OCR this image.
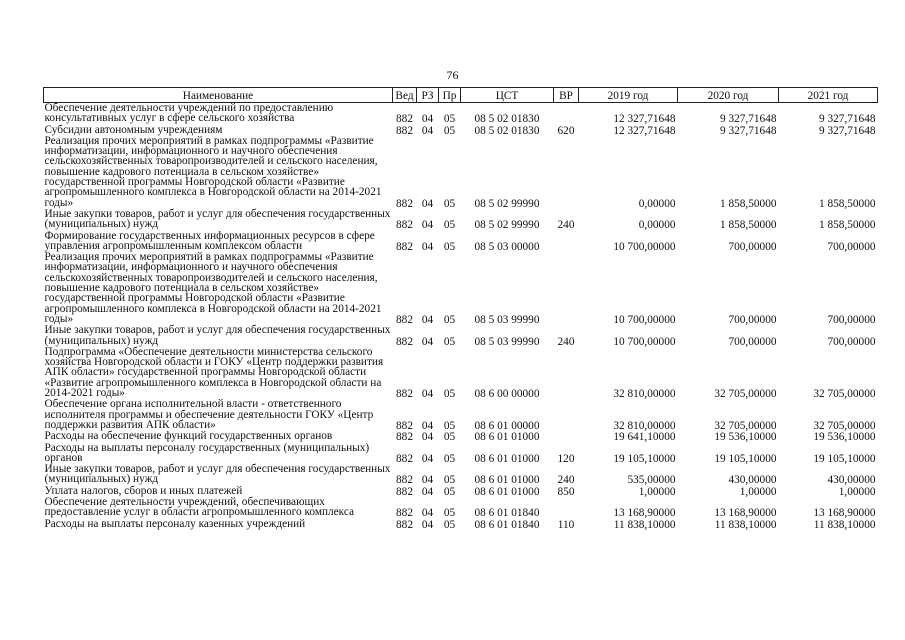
76
Наименование	Вед	РЗ	Пр	ЦСТ	ВР	2019 год	2020 год	2021 год
Обеспечение деятельности учреждений по предоставлению консультативных услуг в сфере сельского хозяйства	882	04	05	08 5 02 01830		12 327,71648	9 327,71648	9 327,71648
Субсидии автономным учреждениям	882	04	05	08 5 02 01830	620	12 327,71648	9 327,71648	9 327,71648
Реализация прочих мероприятий в рамках подпрограммы «Развитие информатизации, информационного и научного обеспечения сельскохозяйственных товаропроизводителей и сельского населения, повышение кадрового потенциала в сельском хозяйстве» государственной программы Новгородской области «Развитие агропромышленного комплекса в Новгородской области на 2014-2021 годы»	882	04	05	08 5 02 99990		0,00000	1 858,50000	1 858,50000
Иные закупки товаров, работ и услуг для обеспечения государственных (муниципальных) нужд	882	04	05	08 5 02 99990	240	0,00000	1 858,50000	1 858,50000
Формирование государственных информационных ресурсов в сфере управления агропромышленным комплексом области	882	04	05	08 5 03 00000		10 700,00000	700,00000	700,00000
Реализация прочих мероприятий в рамках подпрограммы «Развитие информатизации, информационного и научного обеспечения сельскохозяйственных товаропроизводителей и сельского населения, повышение кадрового потенциала в сельском хозяйстве» государственной программы Новгородской области «Развитие агропромышленного комплекса в Новгородской области на 2014-2021 годы»	882	04	05	08 5 03 99990		10 700,00000	700,00000	700,00000
Иные закупки товаров, работ и услуг для обеспечения государственных (муниципальных) нужд	882	04	05	08 5 03 99990	240	10 700,00000	700,00000	700,00000
Подпрограмма «Обеспечение деятельности министерства сельского хозяйства Новгородской области и ГОКУ «Центр поддержки развития АПК области» государственной программы Новгородской области «Развитие агропромышленного комплекса в Новгородской области на 2014-2021 годы»	882	04	05	08 6 00 00000		32 810,00000	32 705,00000	32 705,00000
Обеспечение органа исполнительной власти - ответственного исполнителя программы и обеспечение деятельности ГОКУ «Центр поддержки развития АПК области»	882	04	05	08 6 01 00000		32 810,00000	32 705,00000	32 705,00000
Расходы на обеспечение функций государственных органов	882	04	05	08 6 01 01000		19 641,10000	19 536,10000	19 536,10000
Расходы на выплаты персоналу государственных (муниципальных) органов	882	04	05	08 6 01 01000	120	19 105,10000	19 105,10000	19 105,10000
Иные закупки товаров, работ и услуг для обеспечения государственных (муниципальных) нужд	882	04	05	08 6 01 01000	240	535,00000	430,00000	430,00000
Уплата налогов, сборов и иных платежей	882	04	05	08 6 01 01000	850	1,00000	1,00000	1,00000
Обеспечение деятельности учреждений, обеспечивающих предоставление услуг в области агропромышленного комплекса	882	04	05	08 6 01 01840		13 168,90000	13 168,90000	13 168,90000
Расходы на выплаты персоналу казенных учреждений	882	04	05	08 6 01 01840	110	11 838,10000	11 838,10000	11 838,10000
